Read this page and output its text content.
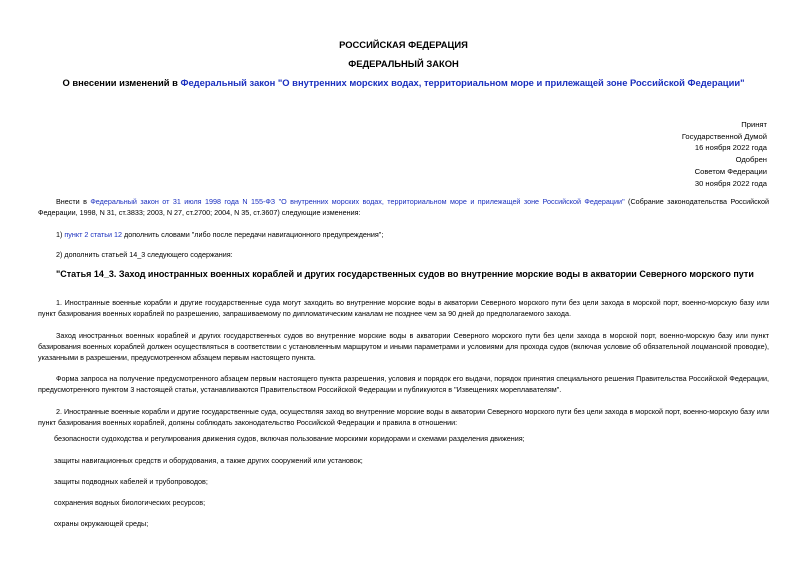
РОССИЙСКАЯ ФЕДЕРАЦИЯ
ФЕДЕРАЛЬНЫЙ ЗАКОН
О внесении изменений в Федеральный закон "О внутренних морских водах, территориальном море и прилежащей зоне Российской Федерации"
Принят
Государственной Думой
16 ноября 2022 года
Одобрен
Советом Федерации
30 ноября 2022 года
Внести в Федеральный закон от 31 июля 1998 года N 155-ФЗ "О внутренних морских водах, территориальном море и прилежащей зоне Российской Федерации" (Собрание законодательства Российской Федерации, 1998, N 31, ст.3833; 2003, N 27, ст.2700; 2004, N 35, ст.3607) следующие изменения:
1) пункт 2 статьи 12 дополнить словами "либо после передачи навигационного предупреждения";
2) дополнить статьей 14_3 следующего содержания:
"Статья 14_3. Заход иностранных военных кораблей и других государственных судов во внутренние морские воды в акватории Северного морского пути
1. Иностранные военные корабли и другие государственные суда могут заходить во внутренние морские воды в акватории Северного морского пути без цели захода в морской порт, военно-морскую базу или пункт базирования военных кораблей по разрешению, запрашиваемому по дипломатическим каналам не позднее чем за 90 дней до предполагаемого захода.
Заход иностранных военных кораблей и других государственных судов во внутренние морские воды в акватории Северного морского пути без цели захода в морской порт, военно-морскую базу или пункт базирования военных кораблей должен осуществляться в соответствии с установленным маршрутом и иными параметрами и условиями для прохода судов (включая условие об обязательной лоцманской проводке), указанными в разрешении, предусмотренном абзацем первым настоящего пункта.
Форма запроса на получение предусмотренного абзацем первым настоящего пункта разрешения, условия и порядок его выдачи, порядок принятия специального решения Правительства Российской Федерации, предусмотренного пунктом 3 настоящей статьи, устанавливаются Правительством Российской Федерации и публикуются в "Извещениях мореплавателям".
2. Иностранные военные корабли и другие государственные суда, осуществляя заход во внутренние морские воды в акватории Северного морского пути без цели захода в морской порт, военно-морскую базу или пункт базирования военных кораблей, должны соблюдать законодательство Российской Федерации и правила в отношении:
безопасности судоходства и регулирования движения судов, включая пользование морскими коридорами и схемами разделения движения;
защиты навигационных средств и оборудования, а также других сооружений или установок;
защиты подводных кабелей и трубопроводов;
сохранения водных биологических ресурсов;
охраны окружающей среды;
